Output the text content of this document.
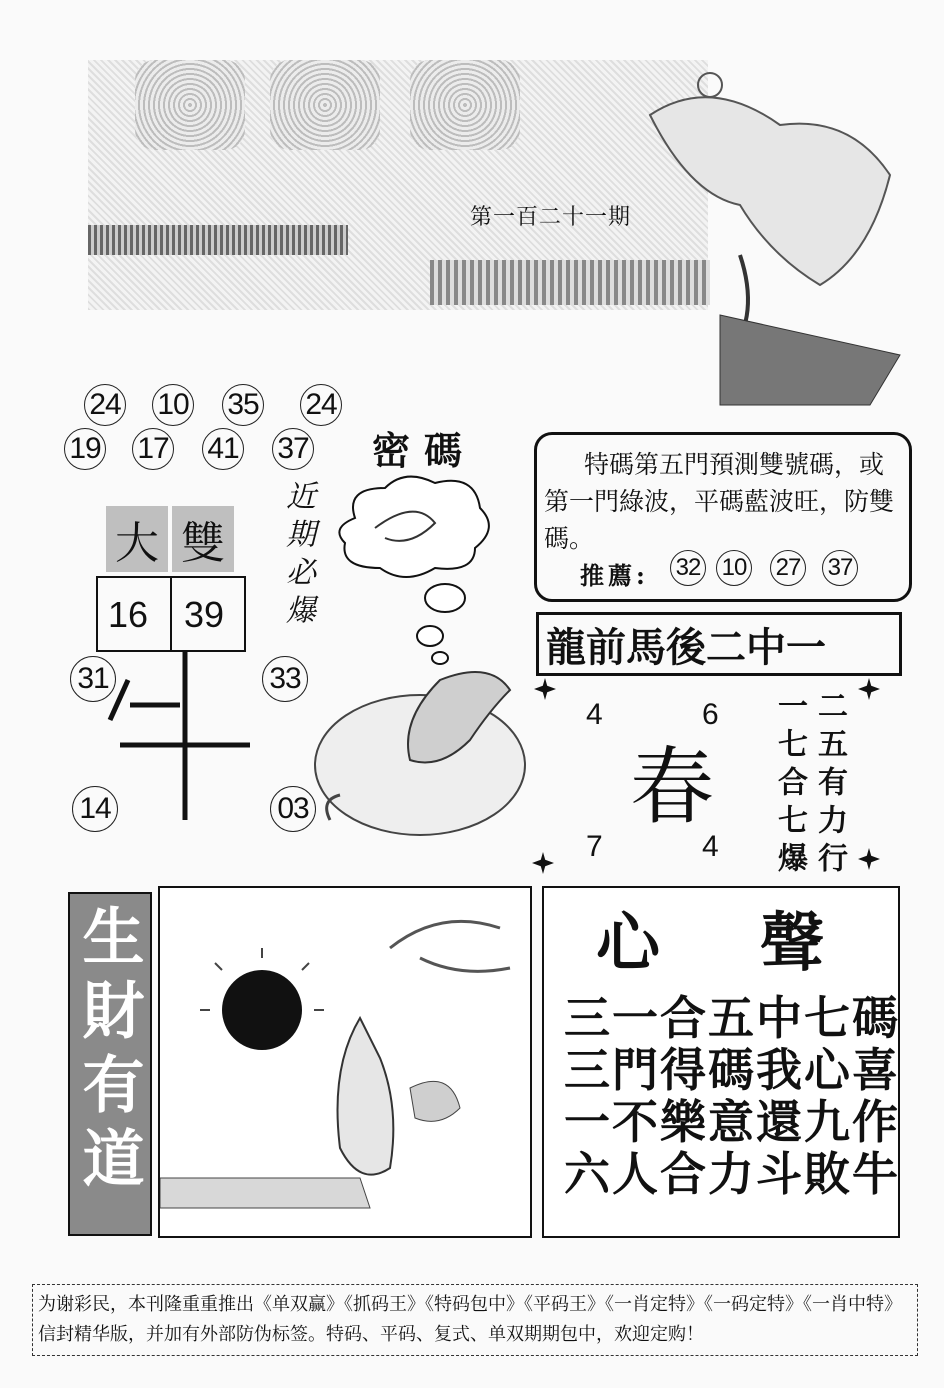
第一百二十一期
24 10 35 24
19 17 41 37 密碼
近期必爆
大 雙
16 39
31	33
14	03
特碼第五門預測雙號碼，或第一門綠波，平碼藍波旺，防雙碼。
推薦: 32 10 27 37
龍前馬後二中一
4	6
7	4
春 一七合七爆 二五有力行
生財有道	心 聲
三一合五中七碼
三門得碼我心喜
一不樂意還九作
六人合力斗敗牛
为谢彩民，本刊隆重重推出《单双赢》《抓码王》《特码包中》《平码王》《一肖定特》《一码定特》《一肖中特》信封精华版，并加有外部防伪标签。特码、平码、复式、单双期期包中，欢迎定购！
